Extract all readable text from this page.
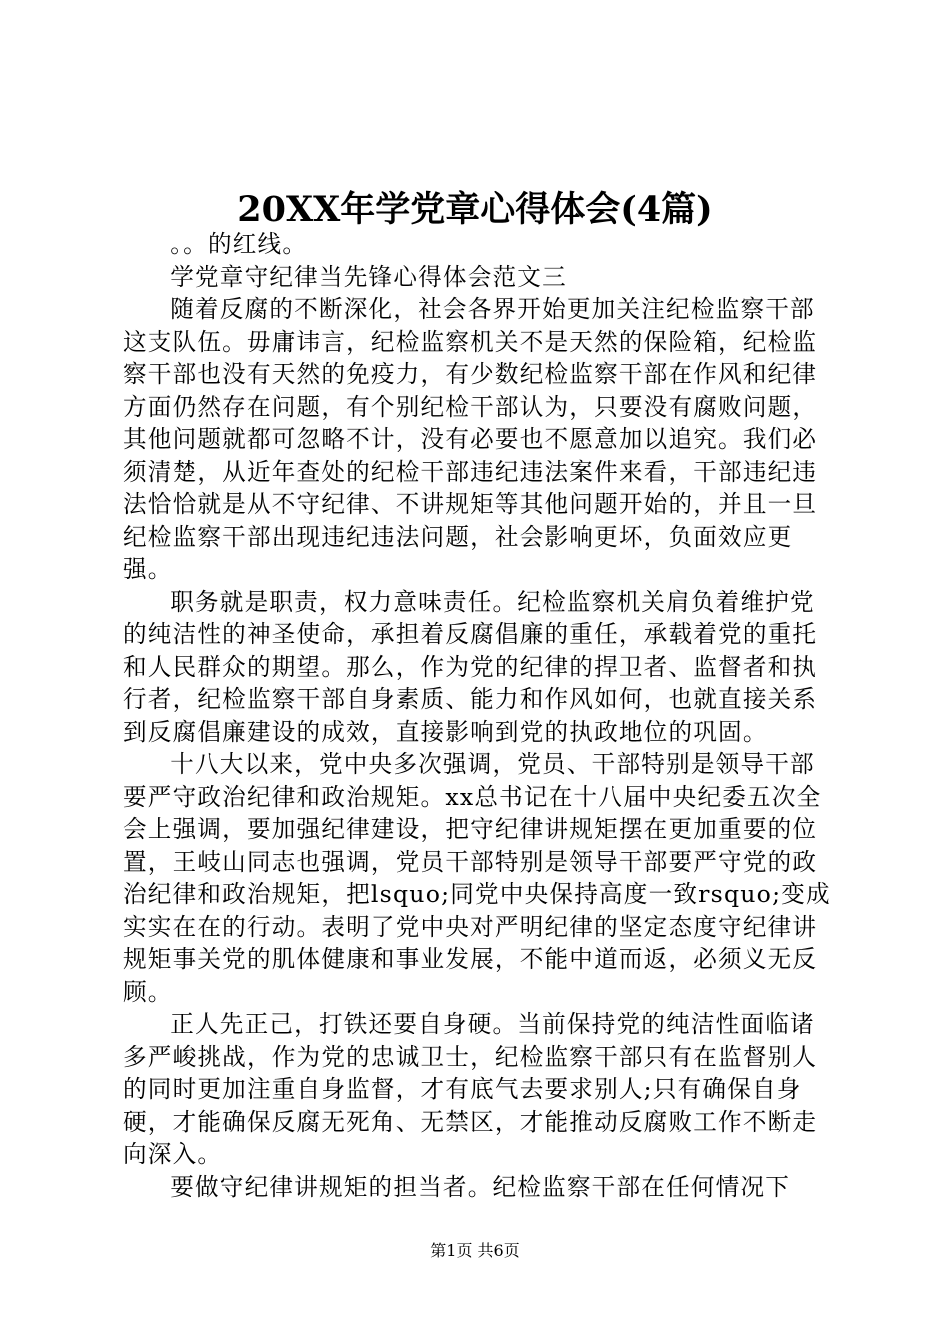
20XX年学党章心得体会(4篇)

。。的红线。

学党章守纪律当先锋心得体会范文三

随着反腐的不断深化，社会各界开始更加关注纪检监察干部这支队伍。毋庸讳言，纪检监察机关不是天然的保险箱，纪检监察干部也没有天然的免疫力，有少数纪检监察干部在作风和纪律方面仍然存在问题，有个别纪检干部认为，只要没有腐败问题，其他问题就都可忽略不计，没有必要也不愿意加以追究。我们必须清楚，从近年查处的纪检干部违纪违法案件来看，干部违纪违法恰恰就是从不守纪律、不讲规矩等其他问题开始的，并且一旦纪检监察干部出现违纪违法问题，社会影响更坏，负面效应更强。

职务就是职责，权力意味责任。纪检监察机关肩负着维护党的纯洁性的神圣使命，承担着反腐倡廉的重任，承载着党的重托和人民群众的期望。那么，作为党的纪律的捍卫者、监督者和执行者，纪检监察干部自身素质、能力和作风如何，也就直接关系到反腐倡廉建设的成效，直接影响到党的执政地位的巩固。

十八大以来，党中央多次强调，党员、干部特别是领导干部要严守政治纪律和政治规矩。xx总书记在十八届中央纪委五次全会上强调，要加强纪律建设，把守纪律讲规矩摆在更加重要的位置，王岐山同志也强调，党员干部特别是领导干部要严守党的政治纪律和政治规矩，把lsquo;同党中央保持高度一致rsquo;变成实实在在的行动。表明了党中央对严明纪律的坚定态度守纪律讲规矩事关党的肌体健康和事业发展，不能中道而返，必须义无反顾。

正人先正己，打铁还要自身硬。当前保持党的纯洁性面临诸多严峻挑战，作为党的忠诚卫士，纪检监察干部只有在监督别人的同时更加注重自身监督，才有底气去要求别人;只有确保自身硬，才能确保反腐无死角、无禁区，才能推动反腐败工作不断走向深入。

要做守纪律讲规矩的担当者。纪检监察干部在任何情况下

第1页 共6页
